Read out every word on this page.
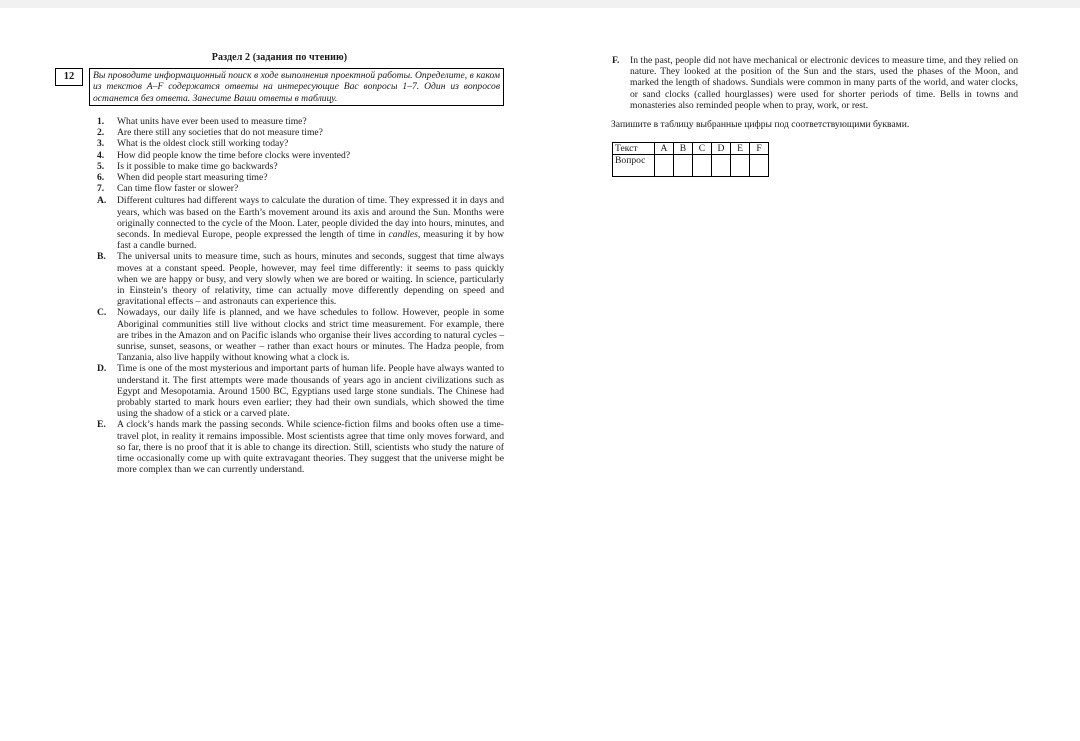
Раздел 2 (задания по чтению)
12	Вы проводите информационный поиск в ходе выполнения проектной работы. Определите, в каком из текстов A–F содержатся ответы на интересующие Вас вопросы 1–7. Один из вопросов останется без ответа. Занесите Ваши ответы в таблицу.
1.	What units have ever been used to measure time?
2.	Are there still any societies that do not measure time?
3.	What is the oldest clock still working today?
4.	How did people know the time before clocks were invented?
5.	Is it possible to make time go backwards?
6.	When did people start measuring time?
7.	Can time flow faster or slower?
A.	Different cultures had different ways to calculate the duration of time. They expressed it in days and years, which was based on the Earth’s movement around its axis and around the Sun. Months were originally connected to the cycle of the Moon. Later, people divided the day into hours, minutes, and seconds. In medieval Europe, people expressed the length of time in candles, measuring it by how fast a candle burned.
B.	The universal units to measure time, such as hours, minutes and seconds, suggest that time always moves at a constant speed. People, however, may feel time differently: it seems to pass quickly when we are happy or busy, and very slowly when we are bored or waiting. In science, particularly in Einstein’s theory of relativity, time can actually move differently depending on speed and gravitational effects – and astronauts can experience this.
C.	Nowadays, our daily life is planned, and we have schedules to follow. However, people in some Aboriginal communities still live without clocks and strict time measurement. For example, there are tribes in the Amazon and on Pacific islands who organise their lives according to natural cycles – sunrise, sunset, seasons, or weather – rather than exact hours or minutes. The Hadza people, from Tanzania, also live happily without knowing what a clock is.
D.	Time is one of the most mysterious and important parts of human life. People have always wanted to understand it. The first attempts were made thousands of years ago in ancient civilizations such as Egypt and Mesopotamia. Around 1500 BC, Egyptians used large stone sundials. The Chinese had probably started to mark hours even earlier; they had their own sundials, which showed the time using the shadow of a stick or a carved plate.
E.	A clock’s hands mark the passing seconds. While science-fiction films and books often use a time-travel plot, in reality it remains impossible. Most scientists agree that time only moves forward, and so far, there is no proof that it is able to change its direction. Still, scientists who study the nature of time occasionally come up with quite extravagant theories. They suggest that the universe might be more complex than we can currently understand.
F.	In the past, people did not have mechanical or electronic devices to measure time, and they relied on nature. They looked at the position of the Sun and the stars, used the phases of the Moon, and marked the length of shadows. Sundials were common in many parts of the world, and water clocks, or sand clocks (called hourglasses) were used for shorter periods of time. Bells in towns and monasteries also reminded people when to pray, work, or rest.
Запишите в таблицу выбранные цифры под соответствующими буквами.
Текст	A	B	C	D	E	F
Вопрос						
